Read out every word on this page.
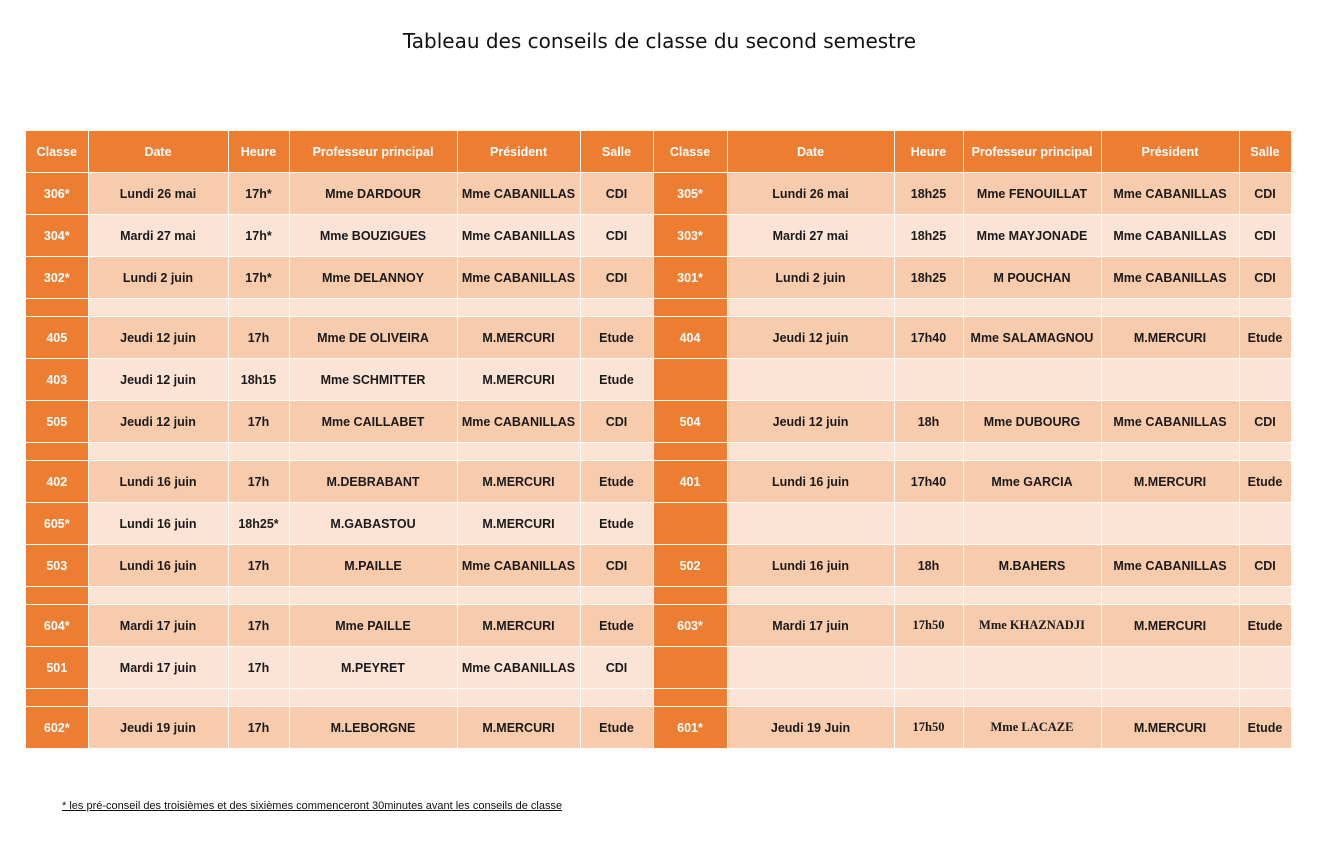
Tableau des conseils de classe du second semestre
Classe	Date	Heure	Professeur principal	Président	Salle	Classe	Date	Heure	Professeur principal	Président	Salle
306*	Lundi 26 mai	17h*	Mme DARDOUR	Mme CABANILLAS	CDI	305*	Lundi 26 mai	18h25	Mme FENOUILLAT	Mme CABANILLAS	CDI
304*	Mardi 27 mai	17h*	Mme BOUZIGUES	Mme CABANILLAS	CDI	303*	Mardi 27 mai	18h25	Mme MAYJONADE	Mme CABANILLAS	CDI
302*	Lundi 2 juin	17h*	Mme DELANNOY	Mme CABANILLAS	CDI	301*	Lundi 2 juin	18h25	M POUCHAN	Mme CABANILLAS	CDI

405	Jeudi 12 juin	17h	Mme DE OLIVEIRA	M.MERCURI	Etude	404	Jeudi 12 juin	17h40	Mme SALAMAGNOU	M.MERCURI	Etude
403	Jeudi 12 juin	18h15	Mme SCHMITTER	M.MERCURI	Etude						
505	Jeudi 12 juin	17h	Mme CAILLABET	Mme CABANILLAS	CDI	504	Jeudi 12 juin	18h	Mme DUBOURG	Mme CABANILLAS	CDI

402	Lundi 16 juin	17h	M.DEBRABANT	M.MERCURI	Etude	401	Lundi 16 juin	17h40	Mme GARCIA	M.MERCURI	Etude
605*	Lundi 16 juin	18h25*	M.GABASTOU	M.MERCURI	Etude						
503	Lundi 16 juin	17h	M.PAILLE	Mme CABANILLAS	CDI	502	Lundi 16 juin	18h	M.BAHERS	Mme CABANILLAS	CDI

604*	Mardi 17 juin	17h	Mme PAILLE	M.MERCURI	Etude	603*	Mardi 17 juin	17h50	Mme KHAZNADJI	M.MERCURI	Etude
501	Mardi 17 juin	17h	M.PEYRET	Mme CABANILLAS	CDI						

602*	Jeudi 19 juin	17h	M.LEBORGNE	M.MERCURI	Etude	601*	Jeudi 19 Juin	17h50	Mme LACAZE	M.MERCURI	Etude
* les pré-conseil des troisièmes et des sixièmes commenceront 30minutes avant les conseils de classe
